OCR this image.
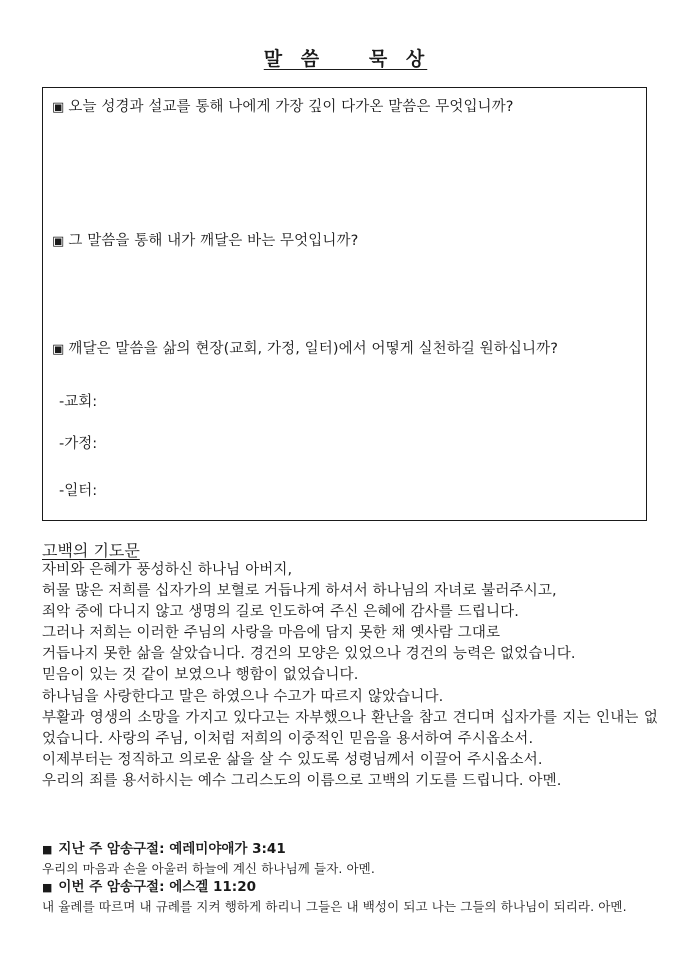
말 씀   묵 상
▣ 오늘 성경과 설교를 통해 나에게 가장 깊이 다가온 말씀은 무엇입니까?
▣ 그 말씀을 통해 내가 깨달은 바는 무엇입니까?
▣ 깨달은 말씀을 삶의 현장(교회, 가정, 일터)에서 어떻게 실천하길 원하십니까?
-교회:
-가정:
-일터:
고백의 기도문

자비와 은혜가 풍성하신 하나님 아버지,

허물 많은 저희를 십자가의 보혈로 거듭나게 하셔서 하나님의 자녀로 불러주시고,

죄악 중에 다니지 않고 생명의 길로 인도하여 주신 은혜에 감사를 드립니다.

그러나 저희는 이러한 주님의 사랑을 마음에 담지 못한 채 옛사람 그대로

거듭나지 못한 삶을 살았습니다. 경건의 모양은 있었으나 경건의 능력은 없었습니다.

믿음이 있는 것 같이 보였으나 행함이 없었습니다.

하나님을 사랑한다고 말은 하였으나 수고가 따르지 않았습니다.

부활과 영생의 소망을 가지고 있다고는 자부했으나 환난을 참고 견디며 십자가를 지는 인내는 없었습니다. 사랑의 주님, 이처럼 저희의 이중적인 믿음을 용서하여 주시옵소서.

이제부터는 정직하고 의로운 삶을 살 수 있도록 성령님께서 이끌어 주시옵소서.

우리의 죄를 용서하시는 예수 그리스도의 이름으로 고백의 기도를 드립니다. 아멘.

■ 지난 주 암송구절: 예레미야애가 3:41
우리의 마음과 손을 아울러 하늘에 계신 하나님께 들자. 아멘.
■ 이번 주 암송구절: 에스겔 11:20
내 율례를 따르며 내 규례를 지켜 행하게 하리니 그들은 내 백성이 되고 나는 그들의 하나님이 되리라. 아멘.
